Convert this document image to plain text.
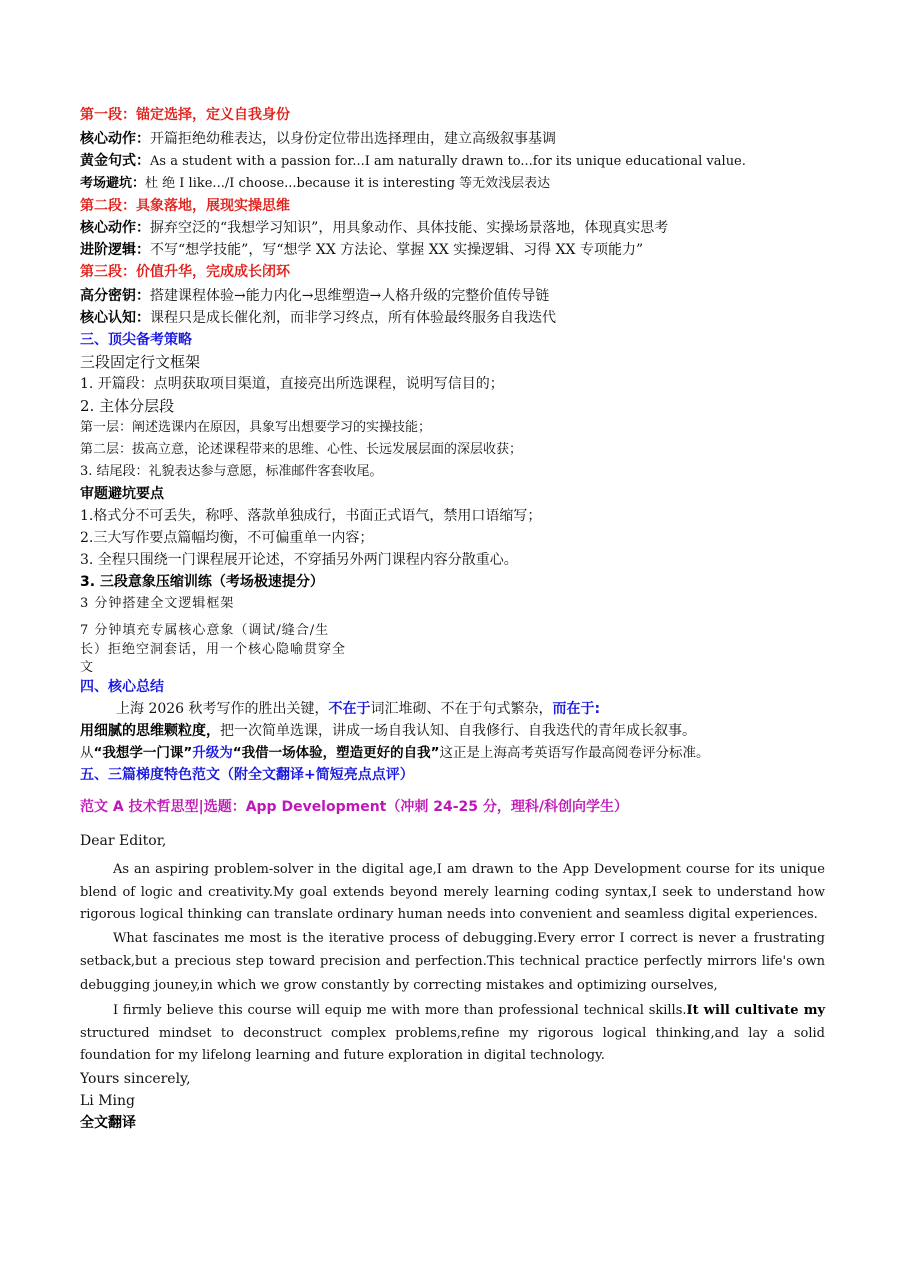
第一段：锚定选择，定义自我身份
核心动作：开篇拒绝幼稚表达，以身份定位带出选择理由，建立高级叙事基调
黄金句式：As a student with a passion for...I am naturally drawn to...for its unique educational value.
考场避坑：杜 绝 I like.../I choose...because it is interesting 等无效浅层表达
第二段：具象落地，展现实操思维
核心动作：摒弃空泛的“我想学习知识”，用具象动作、具体技能、实操场景落地，体现真实思考
进阶逻辑：不写“想学技能”，写“想学 XX 方法论、掌握 XX 实操逻辑、习得 XX 专项能力”
第三段：价值升华，完成成长闭环
高分密钥：搭建课程体验→能力内化→思维塑造→人格升级的完整价值传导链
核心认知：课程只是成长催化剂，而非学习终点，所有体验最终服务自我迭代
三、顶尖备考策略
三段固定行文框架
1. 开篇段：点明获取项目渠道，直接亮出所选课程，说明写信目的；
2. 主体分层段
第一层：阐述选课内在原因，具象写出想要学习的实操技能；
第二层：拔高立意，论述课程带来的思维、心性、长远发展层面的深层收获；
3. 结尾段：礼貌表达参与意愿，标准邮件客套收尾。
审题避坑要点
1.格式分不可丢失，称呼、落款单独成行，书面正式语气，禁用口语缩写；
2.三大写作要点篇幅均衡，不可偏重单一内容；
3. 全程只围绕一门课程展开论述，不穿插另外两门课程内容分散重心。
3. 三段意象压缩训练（考场极速提分）
3 分钟搭建全文逻辑框架
7 分钟填充专属核心意象（调试/缝合/生
长）拒绝空洞套话，用一个核心隐喻贯穿全
文
四、核心总结
上海 2026 秋考写作的胜出关键，不在于词汇堆砌、不在于句式繁杂，而在于:
用细腻的思维颗粒度，把一次简单选课，讲成一场自我认知、自我修行、自我迭代的青年成长叙事。
从“我想学一门课”升级为“我借一场体验，塑造更好的自我”这正是上海高考英语写作最高阅卷评分标准。
五、三篇梯度特色范文（附全文翻译+简短亮点点评）
范文 A 技术哲思型|选题：App Development（冲刺 24-25 分，理科/科创向学生）
Dear Editor,
As an aspiring problem-solver in the digital age,I am drawn to the App Development course for its unique blend of logic and creativity.My goal extends beyond merely learning coding syntax,I seek to understand how rigorous logical thinking can translate ordinary human needs into convenient and seamless digital experiences.
What fascinates me most is the iterative process of debugging.Every error I correct is never a frustrating setback,but a precious step toward precision and perfection.This technical practice perfectly mirrors life's own debugging jouney,in which we grow constantly by correcting mistakes and optimizing ourselves,
I firmly believe this course will equip me with more than professional technical skills.It will cultivate my structured mindset to deconstruct complex problems,refine my rigorous logical thinking,and lay a solid foundation for my lifelong learning and future exploration in digital technology.
Yours sincerely,
Li Ming
全文翻译
